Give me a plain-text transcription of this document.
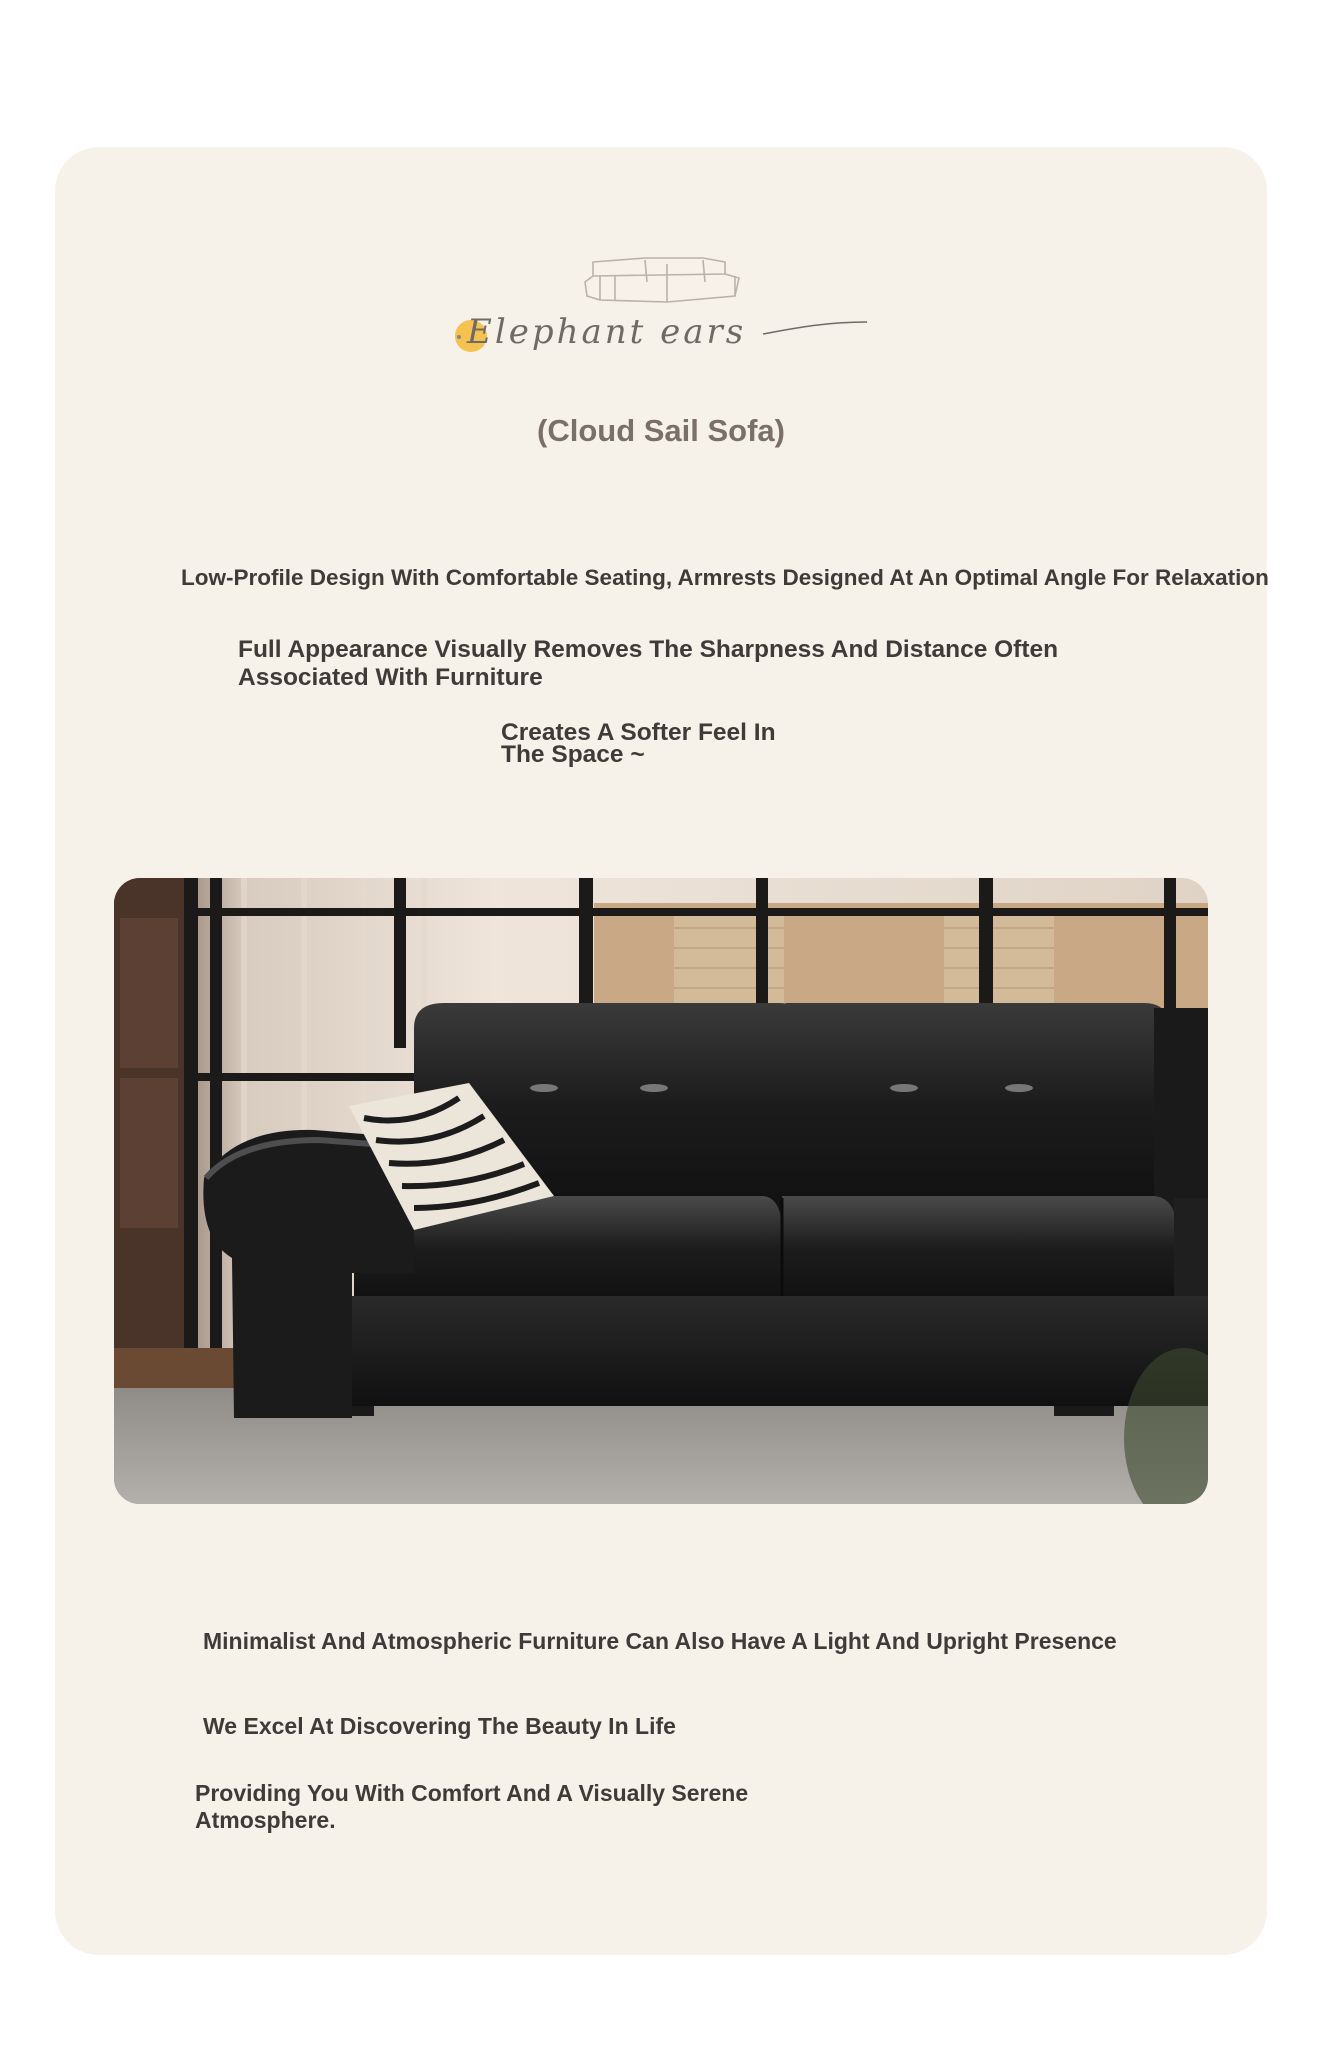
Elephant ears
(Cloud Sail Sofa)
Low-Profile Design With Comfortable Seating, Armrests Designed At An Optimal Angle For Relaxation
Full Appearance Visually Removes The Sharpness And Distance Often
Associated With Furniture
Creates A Softer Feel In
The Space ~
Minimalist And Atmospheric Furniture Can Also Have A Light And Upright Presence
We Excel At Discovering The Beauty In Life
Providing You With Comfort And A Visually Serene
Atmosphere.
